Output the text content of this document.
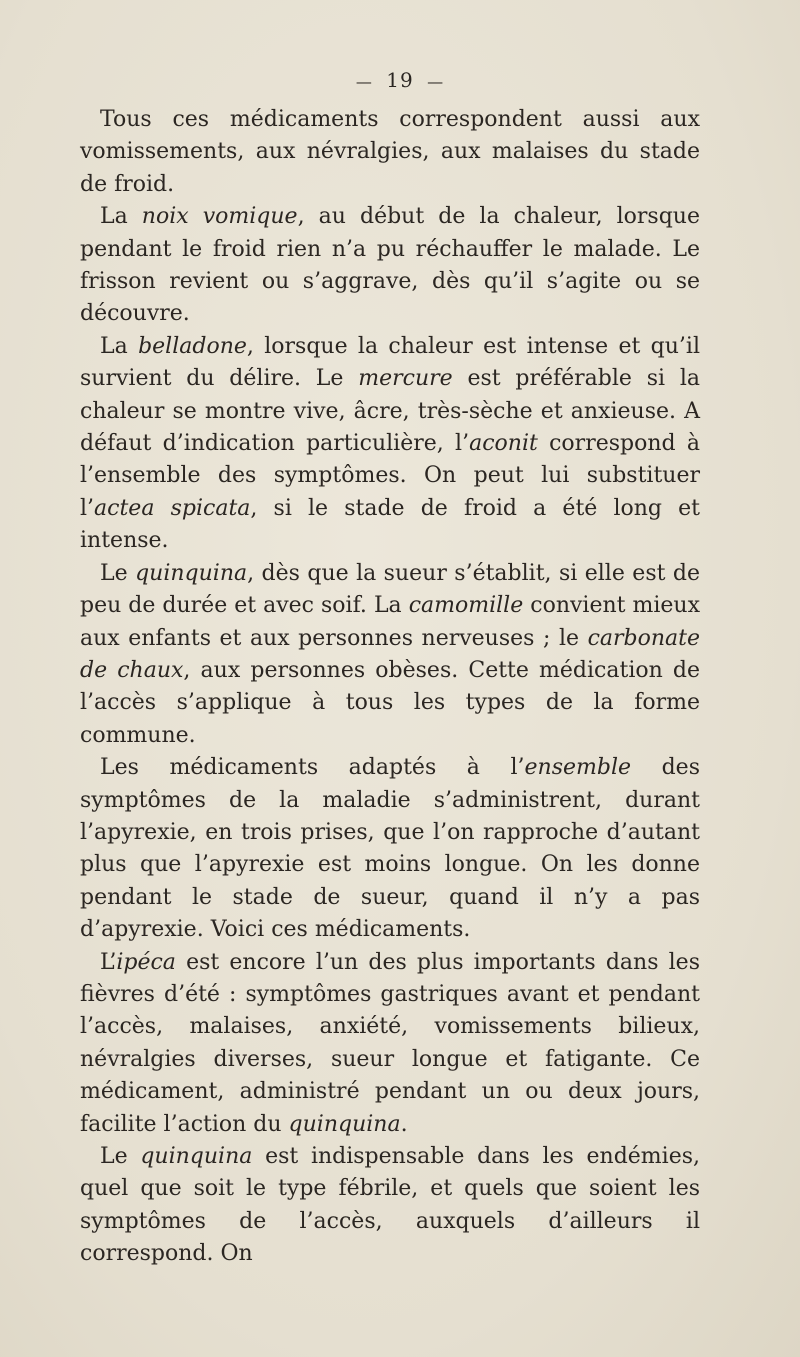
— 19 —

Tous ces médicaments correspondent aussi aux vomissements, aux névralgies, aux malaises du stade de froid.

La noix vomique, au début de la chaleur, lorsque pendant le froid rien n’a pu réchauffer le malade. Le frisson revient ou s’aggrave, dès qu’il s’agite ou se découvre.

La belladone, lorsque la chaleur est intense et qu’il survient du délire. Le mercure est préférable si la chaleur se montre vive, âcre, très-sèche et anxieuse. A défaut d’indication particulière, l’aconit correspond à l’ensemble des symptômes. On peut lui substituer l’actea spicata, si le stade de froid a été long et intense.

Le quinquina, dès que la sueur s’établit, si elle est de peu de durée et avec soif. La camomille convient mieux aux enfants et aux personnes nerveuses ; le carbonate de chaux, aux personnes obèses. Cette médication de l’accès s’applique à tous les types de la forme commune.

Les médicaments adaptés à l’ensemble des symptômes de la maladie s’administrent, durant l’apyrexie, en trois prises, que l’on rapproche d’autant plus que l’apyrexie est moins longue. On les donne pendant le stade de sueur, quand il n’y a pas d’apyrexie. Voici ces médicaments.

L’ipéca est encore l’un des plus importants dans les fièvres d’été : symptômes gastriques avant et pendant l’accès, malaises, anxiété, vomissements bilieux, névralgies diverses, sueur longue et fatigante. Ce médicament, administré pendant un ou deux jours, facilite l’action du quinquina.

Le quinquina est indispensable dans les endémies, quel que soit le type fébrile, et quels que soient les symptômes de l’accès, auxquels d’ailleurs il correspond. On
